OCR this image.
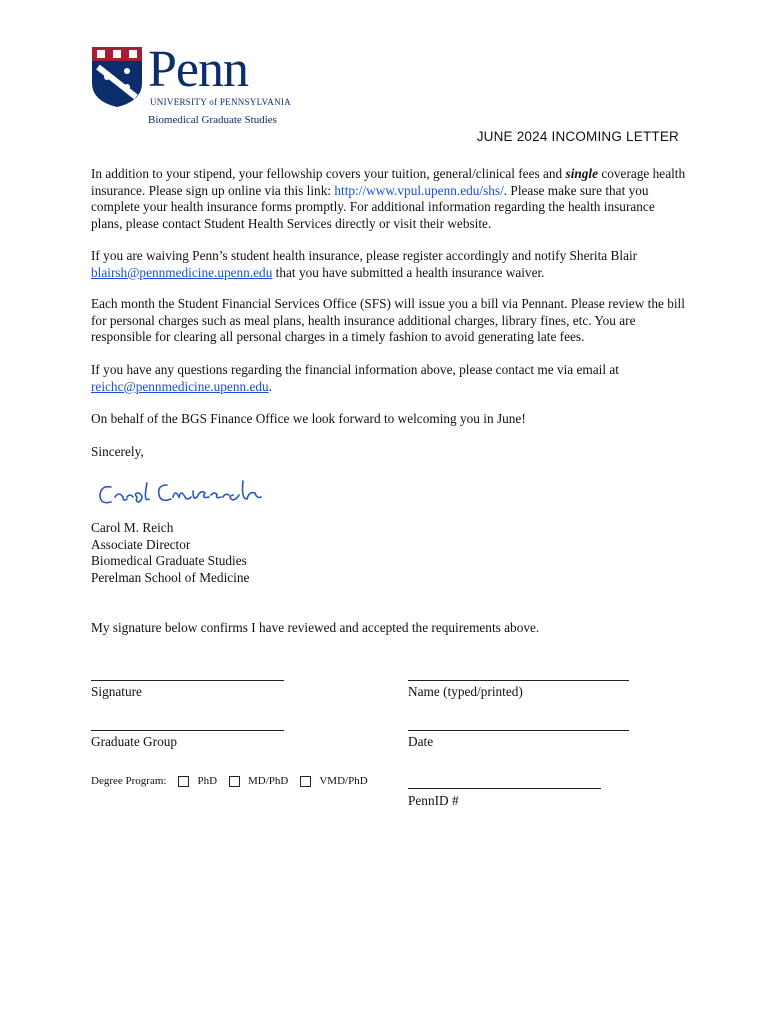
Penn
UNIVERSITY of PENNSYLVANIA
Biomedical Graduate Studies
JUNE 2024 INCOMING LETTER

In addition to your stipend, your fellowship covers your tuition, general/clinical fees and single coverage health insurance. Please sign up online via this link: http://www.vpul.upenn.edu/shs/. Please make sure that you complete your health insurance forms promptly. For additional information regarding the health insurance plans, please contact Student Health Services directly or visit their website.

If you are waiving Penn’s student health insurance, please register accordingly and notify Sherita Blair blairsh@pennmedicine.upenn.edu that you have submitted a health insurance waiver.

Each month the Student Financial Services Office (SFS) will issue you a bill via Pennant. Please review the bill for personal charges such as meal plans, health insurance additional charges, library fines, etc. You are responsible for clearing all personal charges in a timely fashion to avoid generating late fees.

If you have any questions regarding the financial information above, please contact me via email at reichc@pennmedicine.upenn.edu.

On behalf of the BGS Finance Office we look forward to welcoming you in June!
Sincerely,
Carol M. Reich
Associate Director
Biomedical Graduate Studies
Perelman School of Medicine
My signature below confirms I have reviewed and accepted the requirements above.
Signature	Name (typed/printed)
Graduate Group	Date
Degree Program:	PhD	MD/PhD	VMD/PhD
PennID #
